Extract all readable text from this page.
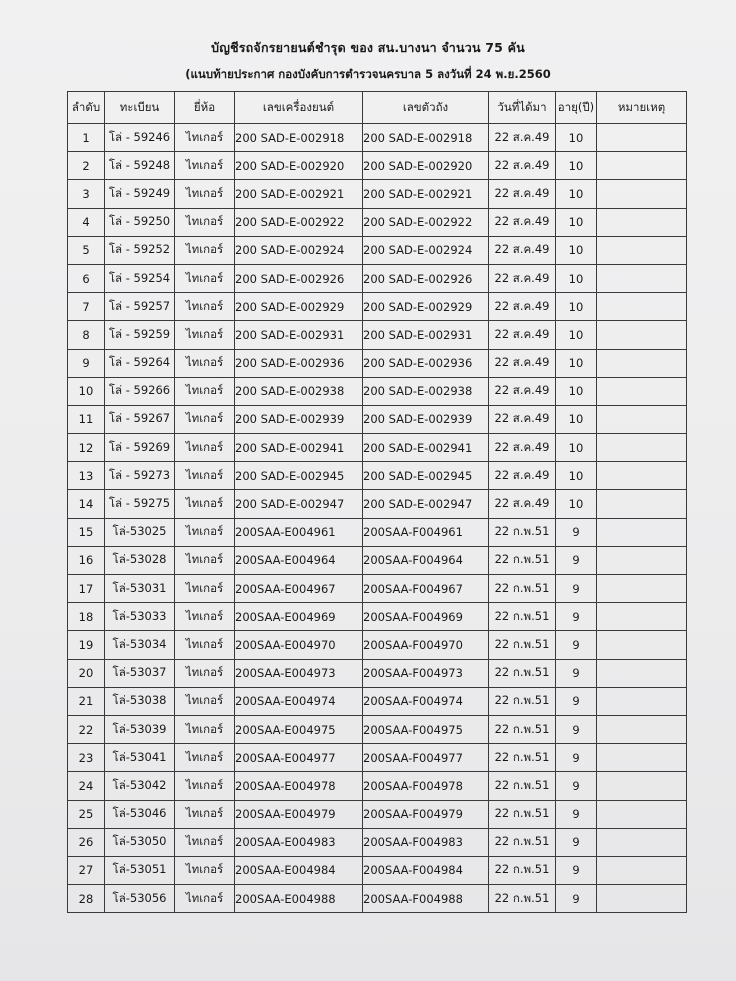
บัญชีรถจักรยายนต์ชำรุด ของ สน.บางนา จำนวน 75 คัน
(แนบท้ายประกาศ กองบังคับการตำรวจนครบาล 5 ลงวันที่ 24 พ.ย.2560
ลำดับ	ทะเบียน	ยี่ห้อ	เลขเครื่องยนต์	เลขตัวถัง	วันที่ได้มา	อายุ(ปี)	หมายเหตุ
1	โล่ - 59246	ไทเกอร์	200 SAD-E-002918	200 SAD-E-002918	22 ส.ค.49	10	
2	โล่ - 59248	ไทเกอร์	200 SAD-E-002920	200 SAD-E-002920	22 ส.ค.49	10	
3	โล่ - 59249	ไทเกอร์	200 SAD-E-002921	200 SAD-E-002921	22 ส.ค.49	10	
4	โล่ - 59250	ไทเกอร์	200 SAD-E-002922	200 SAD-E-002922	22 ส.ค.49	10	
5	โล่ - 59252	ไทเกอร์	200 SAD-E-002924	200 SAD-E-002924	22 ส.ค.49	10	
6	โล่ - 59254	ไทเกอร์	200 SAD-E-002926	200 SAD-E-002926	22 ส.ค.49	10	
7	โล่ - 59257	ไทเกอร์	200 SAD-E-002929	200 SAD-E-002929	22 ส.ค.49	10	
8	โล่ - 59259	ไทเกอร์	200 SAD-E-002931	200 SAD-E-002931	22 ส.ค.49	10	
9	โล่ - 59264	ไทเกอร์	200 SAD-E-002936	200 SAD-E-002936	22 ส.ค.49	10	
10	โล่ - 59266	ไทเกอร์	200 SAD-E-002938	200 SAD-E-002938	22 ส.ค.49	10	
11	โล่ - 59267	ไทเกอร์	200 SAD-E-002939	200 SAD-E-002939	22 ส.ค.49	10	
12	โล่ - 59269	ไทเกอร์	200 SAD-E-002941	200 SAD-E-002941	22 ส.ค.49	10	
13	โล่ - 59273	ไทเกอร์	200 SAD-E-002945	200 SAD-E-002945	22 ส.ค.49	10	
14	โล่ - 59275	ไทเกอร์	200 SAD-E-002947	200 SAD-E-002947	22 ส.ค.49	10	
15	โล่-53025	ไทเกอร์	200SAA-E004961	200SAA-F004961	22 ก.พ.51	9	
16	โล่-53028	ไทเกอร์	200SAA-E004964	200SAA-F004964	22 ก.พ.51	9	
17	โล่-53031	ไทเกอร์	200SAA-E004967	200SAA-F004967	22 ก.พ.51	9	
18	โล่-53033	ไทเกอร์	200SAA-E004969	200SAA-F004969	22 ก.พ.51	9	
19	โล่-53034	ไทเกอร์	200SAA-E004970	200SAA-F004970	22 ก.พ.51	9	
20	โล่-53037	ไทเกอร์	200SAA-E004973	200SAA-F004973	22 ก.พ.51	9	
21	โล่-53038	ไทเกอร์	200SAA-E004974	200SAA-F004974	22 ก.พ.51	9	
22	โล่-53039	ไทเกอร์	200SAA-E004975	200SAA-F004975	22 ก.พ.51	9	
23	โล่-53041	ไทเกอร์	200SAA-E004977	200SAA-F004977	22 ก.พ.51	9	
24	โล่-53042	ไทเกอร์	200SAA-E004978	200SAA-F004978	22 ก.พ.51	9	
25	โล่-53046	ไทเกอร์	200SAA-E004979	200SAA-F004979	22 ก.พ.51	9	
26	โล่-53050	ไทเกอร์	200SAA-E004983	200SAA-F004983	22 ก.พ.51	9	
27	โล่-53051	ไทเกอร์	200SAA-E004984	200SAA-F004984	22 ก.พ.51	9	
28	โล่-53056	ไทเกอร์	200SAA-E004988	200SAA-F004988	22 ก.พ.51	9	
